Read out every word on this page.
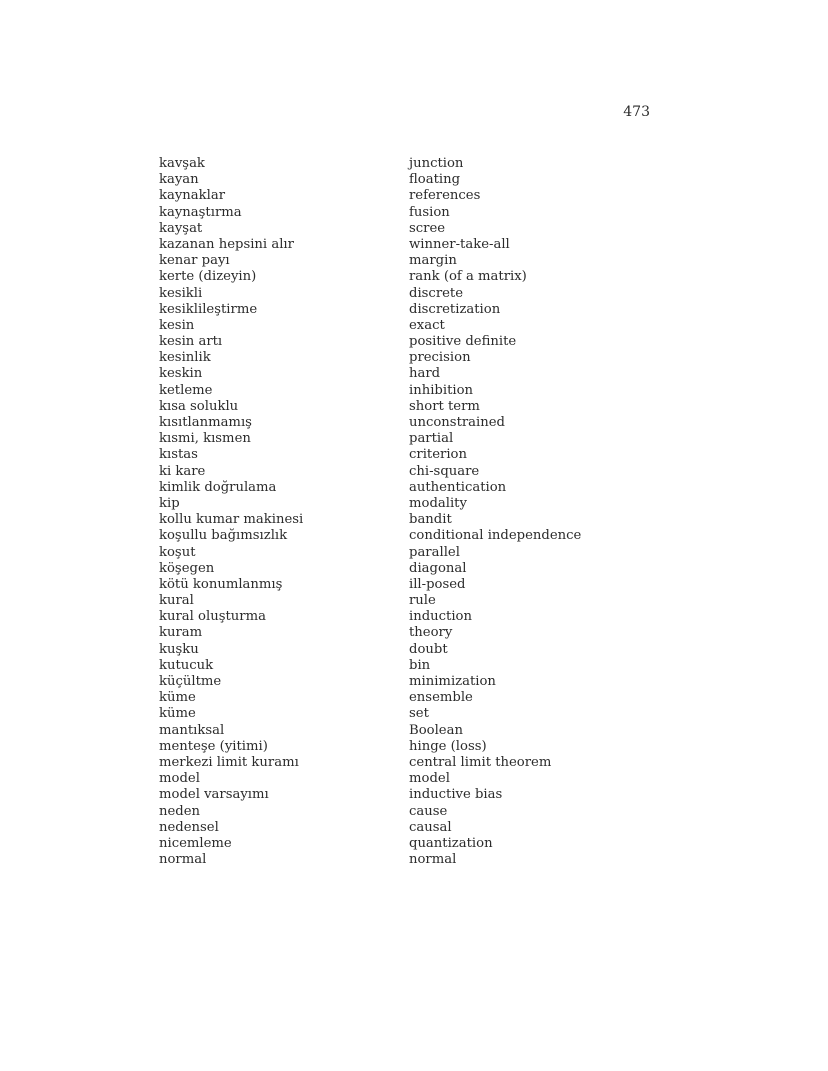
473
kavşak	junction
kayan	floating
kaynaklar	references
kaynaştırma	fusion
kayşat	scree
kazanan hepsini alır	winner-take-all
kenar payı	margin
kerte (dizeyin)	rank (of a matrix)
kesikli	discrete
kesiklileştirme	discretization
kesin	exact
kesin artı	positive definite
kesinlik	precision
keskin	hard
ketleme	inhibition
kısa soluklu	short term
kısıtlanmamış	unconstrained
kısmi, kısmen	partial
kıstas	criterion
ki kare	chi-square
kimlik doğrulama	authentication
kip	modality
kollu kumar makinesi	bandit
koşullu bağımsızlık	conditional independence
koşut	parallel
köşegen	diagonal
kötü konumlanmış	ill-posed
kural	rule
kural oluşturma	induction
kuram	theory
kuşku	doubt
kutucuk	bin
küçültme	minimization
küme	ensemble
küme	set
mantıksal	Boolean
menteşe (yitimi)	hinge (loss)
merkezi limit kuramı	central limit theorem
model	model
model varsayımı	inductive bias
neden	cause
nedensel	causal
nicemleme	quantization
normal	normal
